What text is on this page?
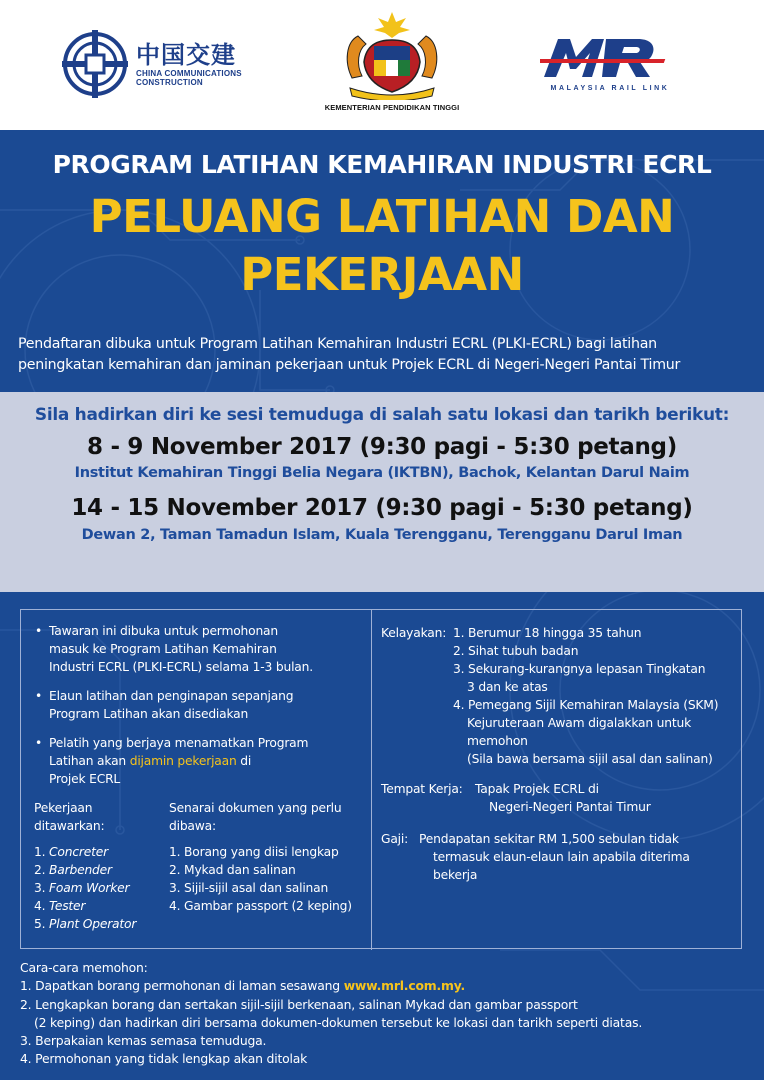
中国交建
CHINA COMMUNICATIONS CONSTRUCTION
KEMENTERIAN PENDIDIKAN TINGGI
MALAYSIA RAIL LINK
PROGRAM LATIHAN KEMAHIRAN INDUSTRI ECRL
PELUANG LATIHAN DAN
PEKERJAAN
Pendaftaran dibuka untuk Program Latihan Kemahiran Industri ECRL (PLKI-ECRL) bagi latihan
peningkatan kemahiran dan jaminan pekerjaan untuk Projek ECRL di Negeri-Negeri Pantai Timur
Sila hadirkan diri ke sesi temuduga di salah satu lokasi dan tarikh berikut:
8 - 9 November 2017 (9:30 pagi - 5:30 petang)
Institut Kemahiran Tinggi Belia Negara (IKTBN), Bachok, Kelantan Darul Naim
14 - 15 November 2017 (9:30 pagi - 5:30 petang)
Dewan 2, Taman Tamadun Islam, Kuala Terengganu, Terengganu Darul Iman
• Tawaran ini dibuka untuk permohonan
masuk ke Program Latihan Kemahiran
Industri ECRL (PLKI-ECRL) selama 1-3 bulan.
• Elaun latihan dan penginapan sepanjang
Program Latihan akan disediakan
• Pelatih yang berjaya menamatkan Program
Latihan akan dijamin pekerjaan di
Projek ECRL
Pekerjaan
ditawarkan:
1. Concreter
2. Barbender
3. Foam Worker
4. Tester
5. Plant Operator
Senarai dokumen yang perlu
dibawa:
1. Borang yang diisi lengkap
2. Mykad dan salinan
3. Sijil-sijil asal dan salinan
4. Gambar passport (2 keping)
Kelayakan: 1. Berumur 18 hingga 35 tahun
2. Sihat tubuh badan
3. Sekurang-kurangnya lepasan Tingkatan
3 dan ke atas
4. Pemegang Sijil Kemahiran Malaysia (SKM)
Kejuruteraan Awam digalakkan untuk
memohon
(Sila bawa bersama sijil asal dan salinan)
Tempat Kerja: Tapak Projek ECRL di
Negeri-Negeri Pantai Timur
Gaji: Pendapatan sekitar RM 1,500 sebulan tidak
termasuk elaun-elaun lain apabila diterima
bekerja
Cara-cara memohon:
1. Dapatkan borang permohonan di laman sesawang www.mrl.com.my.
2. Lengkapkan borang dan sertakan sijil-sijil berkenaan, salinan Mykad dan gambar passport
(2 keping) dan hadirkan diri bersama dokumen-dokumen tersebut ke lokasi dan tarikh seperti diatas.
3. Berpakaian kemas semasa temuduga.
4. Permohonan yang tidak lengkap akan ditolak
